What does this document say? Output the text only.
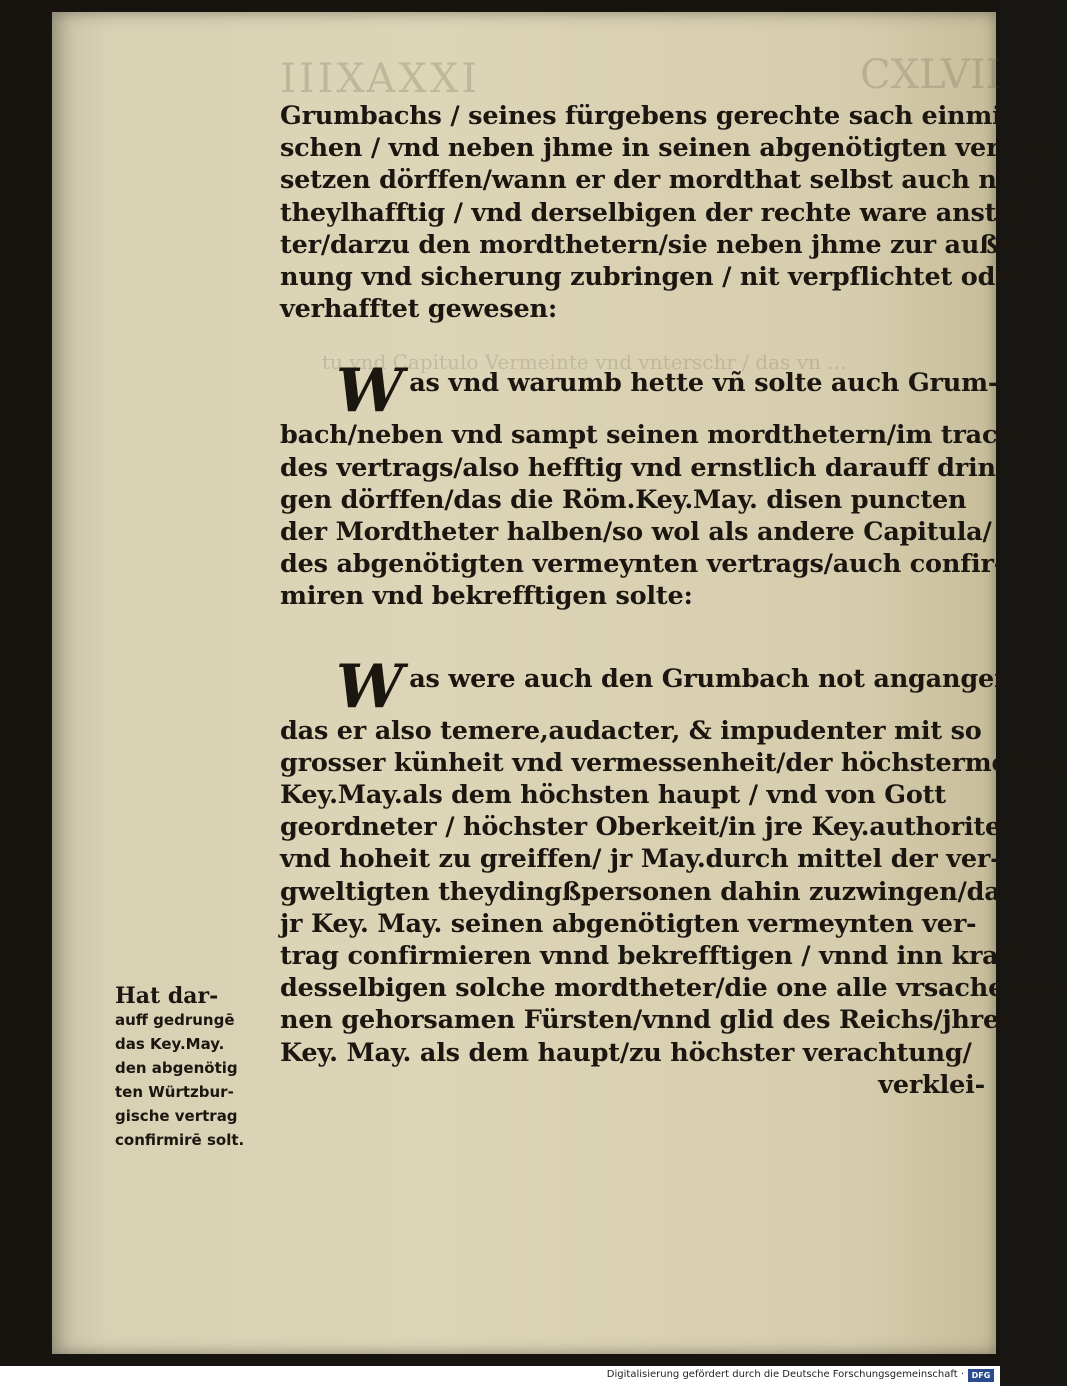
IIIXAXXI	CXLVII
tu vnd Capitulo Vermeinte vnd vnterschr / das vn ...
Grumbachs / seines fürgebens gerechte sach einmi-
schen / vnd neben jhme in seinen abgenötigten vertrag
setzen dörffen/wann er der mordthat selbst auch nicht
theylhafftig / vnd derselbigen der rechte ware anstiff-
ter/darzu den mordthetern/sie neben jhme zur außsö-
nung vnd sicherung zubringen / nit verpflichtet oder
verhafftet gewesen:
W as vnd warumb hette vñ solte auch Grum-
bach/neben vnd sampt seinen mordthetern/im tractat
des vertrags/also hefftig vnd ernstlich darauff drin-
gen dörffen/das die Röm.Key.May. disen puncten
der Mordtheter halben/so wol als andere Capitula/
des abgenötigten vermeynten vertrags/auch confir-
miren vnd bekrefftigen solte:
W as were auch den Grumbach not angangen/
das er also temere,audacter, & impudenter mit so
grosser künheit vnd vermessenheit/der höchstermelten
Key.May.als dem höchsten haupt / vnd von Gott
geordneter / höchster Oberkeit/in jre Key.authoritet
vnd hoheit zu greiffen/ jr May.durch mittel der ver-
gweltigten theydingßpersonen dahin zuzwingen/das
jr Key. May. seinen abgenötigten vermeynten ver-
trag confirmieren vnnd bekrefftigen / vnnd inn krafft
desselbigen solche mordtheter/die one alle vrsachen/ei-
nen gehorsamen Fürsten/vnnd glid des Reichs/jhrer
Key. May. als dem haupt/zu höchster verachtung/
verklei-
Hat dar-
auff gedrungē
das Key.May.
den abgenötig
ten Würtzbur-
gische vertrag
confirmirē solt.
Digitalisierung gefördert durch die Deutsche Forschungsgemeinschaft · DFG
